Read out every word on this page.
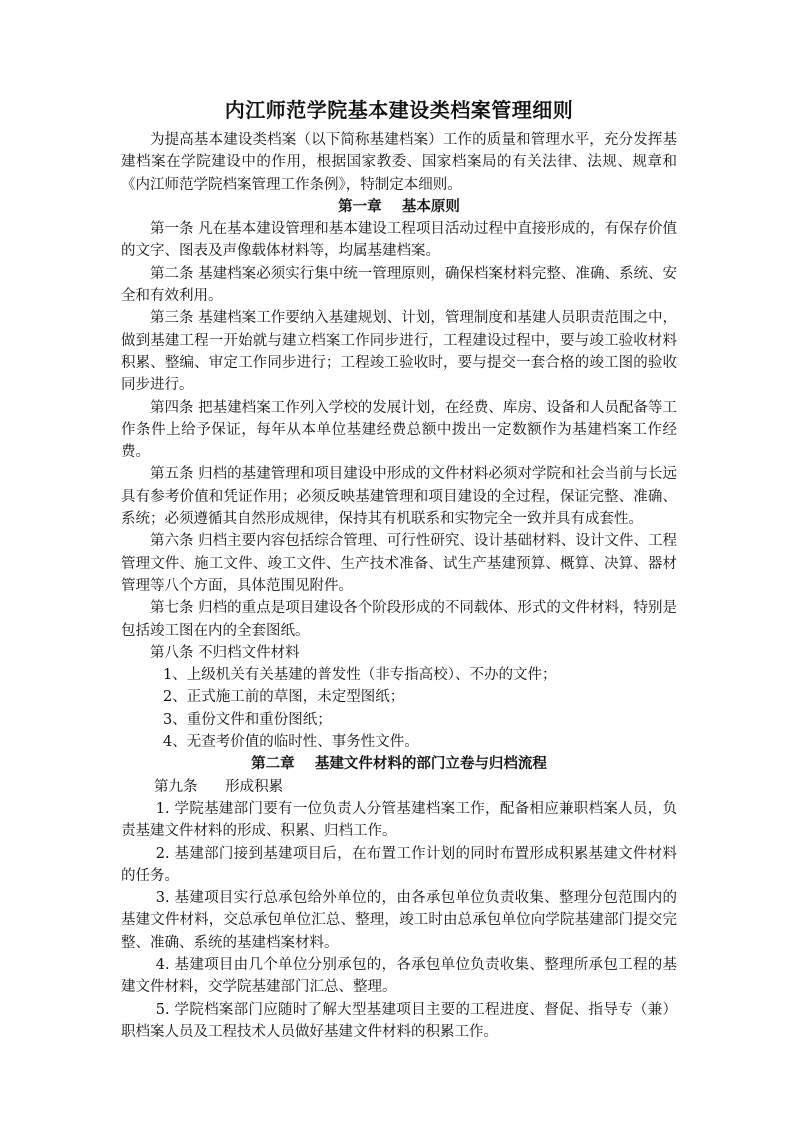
内江师范学院基本建设类档案管理细则

为提高基本建设类档案（以下简称基建档案）工作的质量和管理水平，充分发挥基建档案在学院建设中的作用，根据国家教委、国家档案局的有关法律、法规、规章和《内江师范学院档案管理工作条例》，特制定本细则。

第一章    基本原则

第一条 凡在基本建设管理和基本建设工程项目活动过程中直接形成的，有保存价值的文字、图表及声像载体材料等，均属基建档案。

第二条 基建档案必须实行集中统一管理原则，确保档案材料完整、准确、系统、安全和有效利用。

第三条 基建档案工作要纳入基建规划、计划，管理制度和基建人员职责范围之中，做到基建工程一开始就与建立档案工作同步进行，工程建设过程中，要与竣工验收材料积累、整编、审定工作同步进行；工程竣工验收时，要与提交一套合格的竣工图的验收同步进行。

第四条 把基建档案工作列入学校的发展计划，在经费、库房、设备和人员配备等工作条件上给予保证，每年从本单位基建经费总额中拨出一定数额作为基建档案工作经费。

第五条 归档的基建管理和项目建设中形成的文件材料必须对学院和社会当前与长远具有参考价值和凭证作用；必须反映基建管理和项目建设的全过程，保证完整、准确、系统；必须遵循其自然形成规律，保持其有机联系和实物完全一致并具有成套性。

第六条 归档主要内容包括综合管理、可行性研究、设计基础材料、设计文件、工程管理文件、施工文件、竣工文件、生产技术准备、试生产基建预算、概算、决算、器材管理等八个方面，具体范围见附件。

第七条 归档的重点是项目建设各个阶段形成的不同载体、形式的文件材料，特别是包括竣工图在内的全套图纸。

第八条 不归档文件材料

1、上级机关有关基建的普发性（非专指高校）、不办的文件；

2、正式施工前的草图，未定型图纸；

3、重份文件和重份图纸；

4、无查考价值的临时性、事务性文件。

第二章    基建文件材料的部门立卷与归档流程

第九条      形成积累

1. 学院基建部门要有一位负责人分管基建档案工作，配备相应兼职档案人员，负责基建文件材料的形成、积累、归档工作。

2. 基建部门接到基建项目后，在布置工作计划的同时布置形成积累基建文件材料的任务。

3. 基建项目实行总承包给外单位的，由各承包单位负责收集、整理分包范围内的基建文件材料，交总承包单位汇总、整理，竣工时由总承包单位向学院基建部门提交完整、准确、系统的基建档案材料。

4. 基建项目由几个单位分别承包的，各承包单位负责收集、整理所承包工程的基建文件材料，交学院基建部门汇总、整理。

5. 学院档案部门应随时了解大型基建项目主要的工程进度、督促、指导专（兼）职档案人员及工程技术人员做好基建文件材料的积累工作。
